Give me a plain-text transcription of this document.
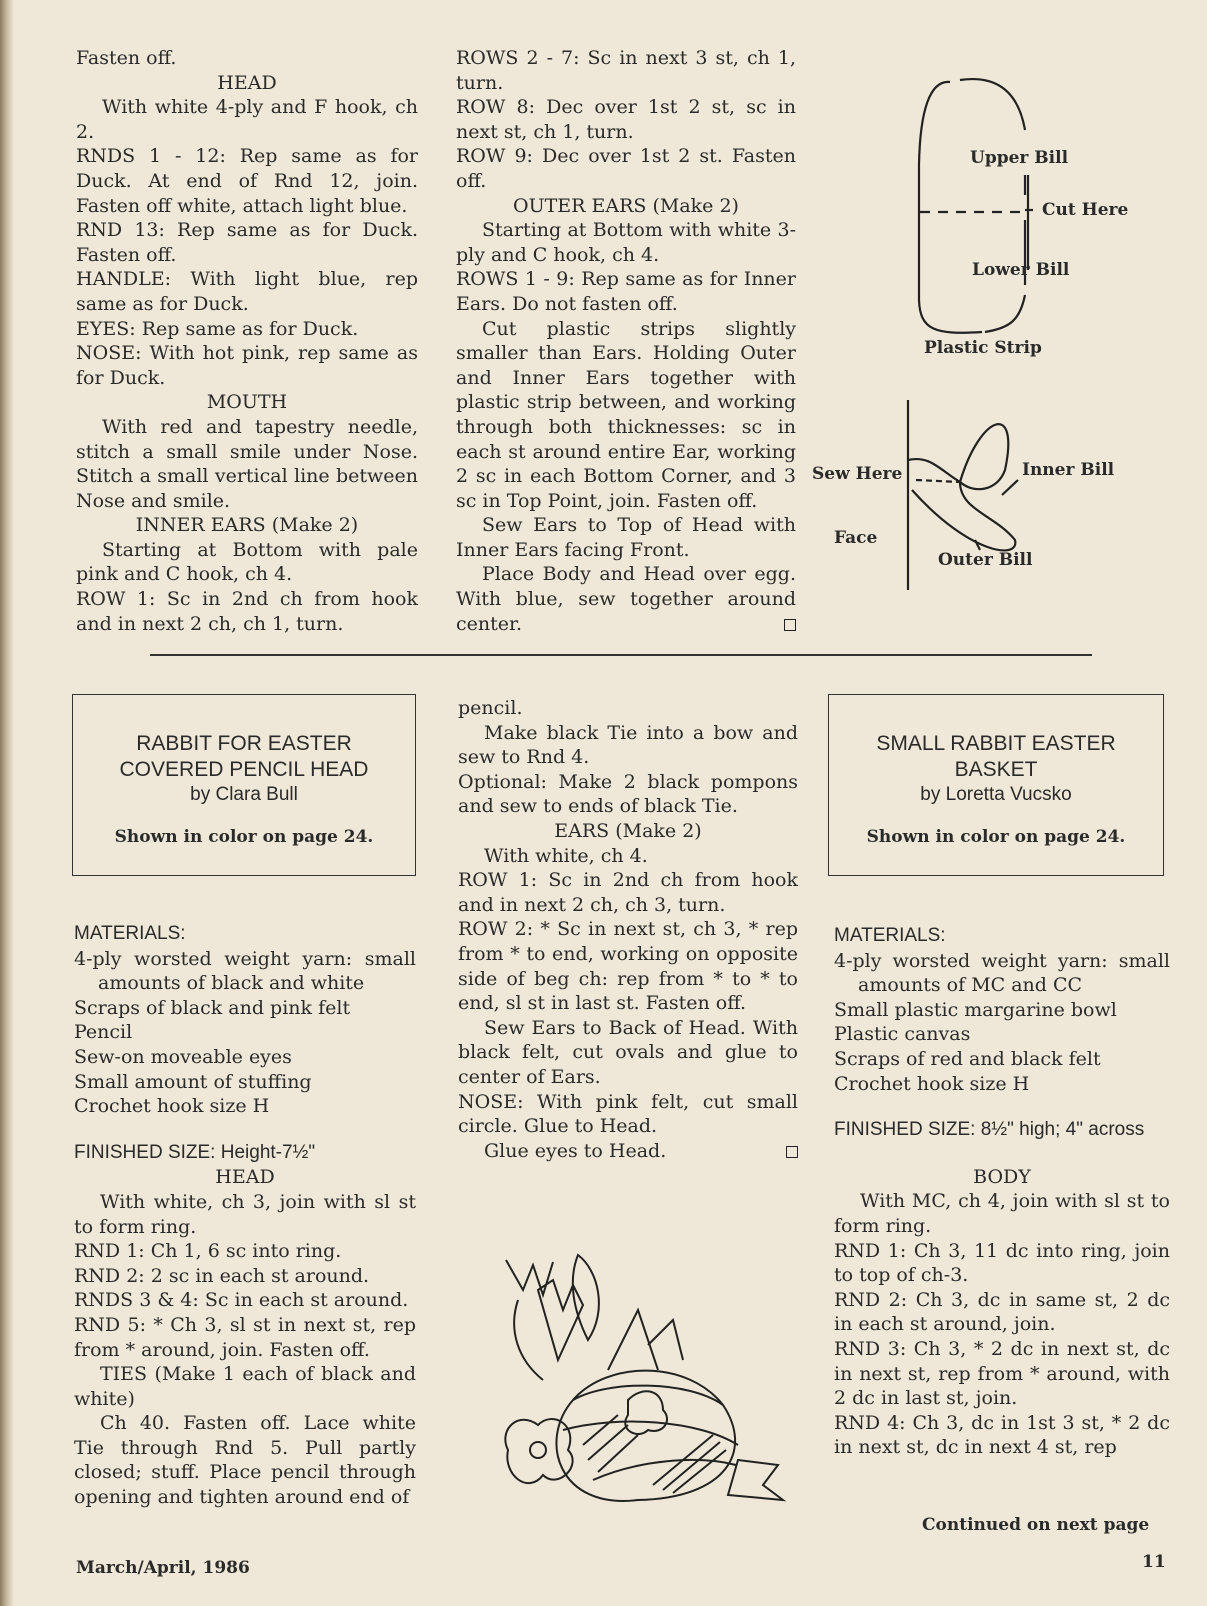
Fasten off.

HEAD

With white 4-ply and F hook, ch 2.

RNDS 1 - 12: Rep same as for Duck. At end of Rnd 12, join. Fasten off white, attach light blue.

RND 13: Rep same as for Duck. Fasten off.

HANDLE: With light blue, rep same as for Duck.

EYES: Rep same as for Duck.

NOSE: With hot pink, rep same as for Duck.

MOUTH

With red and tapestry needle, stitch a small smile under Nose. Stitch a small vertical line between Nose and smile.

INNER EARS (Make 2)

Starting at Bottom with pale pink and C hook, ch 4.

ROW 1: Sc in 2nd ch from hook and in next 2 ch, ch 1, turn.

ROWS 2 - 7: Sc in next 3 st, ch 1, turn.

ROW 8: Dec over 1st 2 st, sc in next st, ch 1, turn.

ROW 9: Dec over 1st 2 st. Fasten off.

OUTER EARS (Make 2)

Starting at Bottom with white 3-ply and C hook, ch 4.

ROWS 1 - 9: Rep same as for Inner Ears. Do not fasten off.

Cut plastic strips slightly smaller than Ears. Holding Outer and Inner Ears together with plastic strip between, and working through both thicknesses: sc in each st around entire Ear, working 2 sc in each Bottom Corner, and 3 sc in Top Point, join. Fasten off.

Sew Ears to Top of Head with Inner Ears facing Front.

Place Body and Head over egg. With blue, sew together around center.

Upper Bill
Cut Here
Lower Bill
Plastic Strip
Sew Here	Inner Bill
Face
Outer Bill
RABBIT FOR EASTER
COVERED PENCIL HEAD
by Clara Bull
Shown in color on page 24.
SMALL RABBIT EASTER
BASKET
by Loretta Vucsko
Shown in color on page 24.

MATERIALS:

4-ply worsted weight yarn: small amounts of black and white

Scraps of black and pink felt

Pencil

Sew-on moveable eyes

Small amount of stuffing

Crochet hook size H

FINISHED SIZE: Height-7½"

HEAD

With white, ch 3, join with sl st to form ring.

RND 1: Ch 1, 6 sc into ring.

RND 2: 2 sc in each st around.

RNDS 3 & 4: Sc in each st around.

RND 5: * Ch 3, sl st in next st, rep from * around, join. Fasten off.

TIES (Make 1 each of black and white)

Ch 40. Fasten off. Lace white Tie through Rnd 5. Pull partly closed; stuff. Place pencil through opening and tighten around end of

pencil.

Make black Tie into a bow and sew to Rnd 4.

Optional: Make 2 black pompons and sew to ends of black Tie.

EARS (Make 2)

With white, ch 4.

ROW 1: Sc in 2nd ch from hook and in next 2 ch, ch 3, turn.

ROW 2: * Sc in next st, ch 3, * rep from * to end, working on opposite side of beg ch: rep from * to * to end, sl st in last st. Fasten off.

Sew Ears to Back of Head. With black felt, cut ovals and glue to center of Ears.

NOSE: With pink felt, cut small circle. Glue to Head.

Glue eyes to Head.

MATERIALS:

4-ply worsted weight yarn: small amounts of MC and CC

Small plastic margarine bowl

Plastic canvas

Scraps of red and black felt

Crochet hook size H

FINISHED SIZE: 8½" high; 4" across

BODY

With MC, ch 4, join with sl st to form ring.

RND 1: Ch 3, 11 dc into ring, join to top of ch-3.

RND 2: Ch 3, dc in same st, 2 dc in each st around, join.

RND 3: Ch 3, * 2 dc in next st, dc in next st, rep from * around, with 2 dc in last st, join.

RND 4: Ch 3, dc in 1st 3 st, * 2 dc in next st, dc in next 4 st, rep

Continued on next page
March/April, 1986	11
